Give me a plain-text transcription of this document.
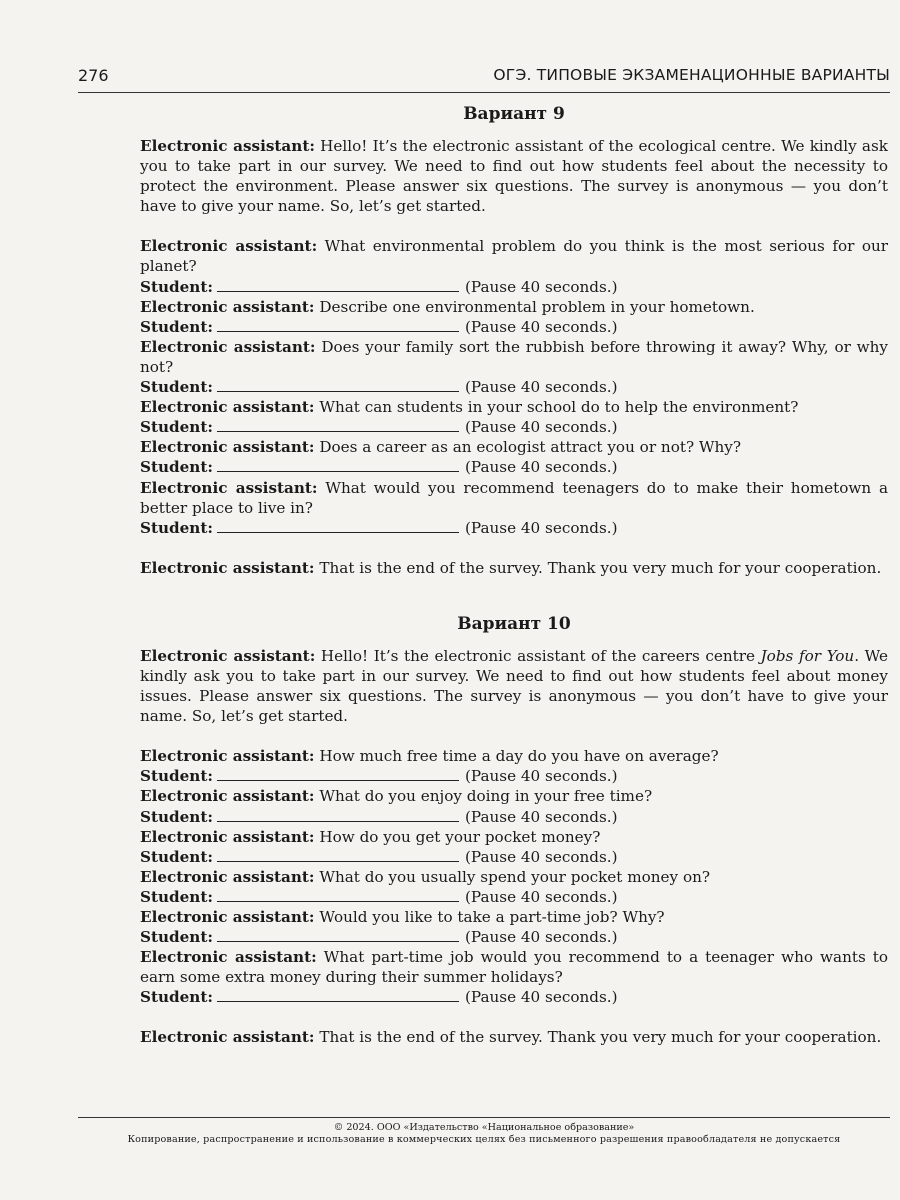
276	ОГЭ. ТИПОВЫЕ ЭКЗАМЕНАЦИОННЫЕ ВАРИАНТЫ
Вариант 9

Electronic assistant: Hello! It’s the electronic assistant of the ecological centre. We kindly ask you to take part in our survey. We need to find out how students feel about the necessity to protect the environment. Please answer six questions. The survey is anonymous — you don’t have to give your name. So, let’s get started.

Electronic assistant: What environmental problem do you think is the most serious for our planet?

Student:	(Pause 40 seconds.)

Electronic assistant: Describe one environmental problem in your hometown.

Student:	(Pause 40 seconds.)

Electronic assistant: Does your family sort the rubbish before throwing it away? Why, or why not?

Student:	(Pause 40 seconds.)

Electronic assistant: What can students in your school do to help the environment?

Student:	(Pause 40 seconds.)

Electronic assistant: Does a career as an ecologist attract you or not? Why?

Student:	(Pause 40 seconds.)

Electronic assistant: What would you recommend teenagers do to make their hometown a better place to live in?

Student:	(Pause 40 seconds.)

Electronic assistant: That is the end of the survey. Thank you very much for your cooperation.

Вариант 10

Electronic assistant: Hello! It’s the electronic assistant of the careers centre Jobs for You. We kindly ask you to take part in our survey. We need to find out how students feel about money issues. Please answer six questions. The survey is anonymous — you don’t have to give your name. So, let’s get started.

Electronic assistant: How much free time a day do you have on average?

Student:	(Pause 40 seconds.)

Electronic assistant: What do you enjoy doing in your free time?

Student:	(Pause 40 seconds.)

Electronic assistant: How do you get your pocket money?

Student:	(Pause 40 seconds.)

Electronic assistant: What do you usually spend your pocket money on?

Student:	(Pause 40 seconds.)

Electronic assistant: Would you like to take a part-time job? Why?

Student:	(Pause 40 seconds.)

Electronic assistant: What part-time job would you recommend to a teenager who wants to earn some extra money during their summer holidays?

Student:	(Pause 40 seconds.)

Electronic assistant: That is the end of the survey. Thank you very much for your cooperation.

© 2024. ООО «Издательство «Национальное образование»
Копирование, распространение и использование в коммерческих целях без письменного разрешения правообладателя не допускается
